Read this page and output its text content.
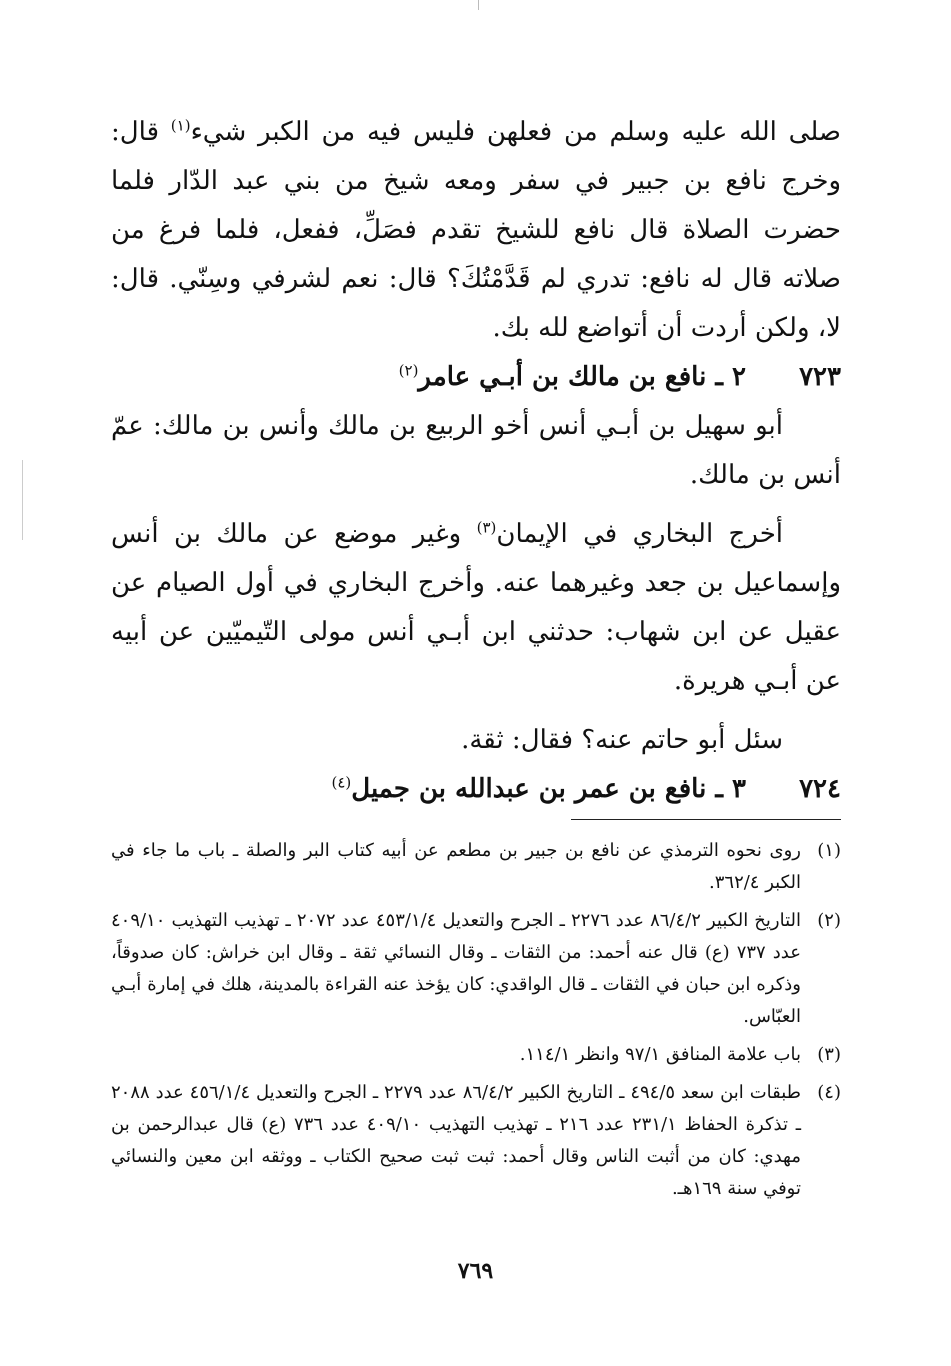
صلى الله عليه وسلم من فعلهن فليس فيه من الكبر شيء$^{(١)}$ قال: وخرج نافع بن جبير في سفر ومعه شيخ من بني عبد الدّار فلما حضرت الصلاة قال نافع للشيخ تقدم فصَلِّ، ففعل، فلما فرغ من صلاته قال له نافع: تدري لم قَدَّمْتُكَ؟ قال: نعم لشرفي وسِنّي. قال: لا، ولكن أردت أن أتواضع لله بك.

٧٢٣٢ ـ نافع بن مالك بن أبـي عامر$^{(٢)}$

أبو سهيل بن أبـي أنس أخو الربيع بن مالك وأنس بن مالك: عمّ أنس بن مالك.

أخرج البخاري في الإيمان$^{(٣)}$ وغير موضع عن مالك بن أنس وإسماعيل بن جعد وغيرهما عنه. وأخرج البخاري في أول الصيام عن عقيل عن ابن شهاب: حدثني ابن أبـي أنس مولى التّيميّين عن أبيه عن أبـي هريرة.

سئل أبو حاتم عنه؟ فقال: ثقة.

٧٢٤٣ ـ نافع بن عمر بن عبدالله بن جميل$^{(٤)}$

(١)
روى نحوه الترمذي عن نافع بن جبير بن مطعم عن أبيه كتاب البر والصلة ـ باب ما جاء في الكبر ٣٦٢/٤.
(٢)
التاريخ الكبير ٨٦/٤/٢ عدد ٢٢٧٦ ـ الجرح والتعديل ٤٥٣/١/٤ عدد ٢٠٧٢ ـ تهذيب التهذيب ٤٠٩/١٠ عدد ٧٣٧ (ع) قال عنه أحمد: من الثقات ـ وقال النسائي ثقة ـ وقال ابن خراش: كان صدوقاً، وذكره ابن حبان في الثقات ـ قال الواقدي: كان يؤخذ عنه القراءة بالمدينة، هلك في إمارة أبـي العبّاس.
(٣)
باب علامة المنافق ٩٧/١ وانظر ١١٤/١.
(٤)
طبقات ابن سعد ٤٩٤/٥ ـ التاريخ الكبير ٨٦/٤/٢ عدد ٢٢٧٩ ـ الجرح والتعديل ٤٥٦/١/٤ عدد ٢٠٨٨ ـ تذكرة الحفاظ ٢٣١/١ عدد ٢١٦ ـ تهذيب التهذيب ٤٠٩/١٠ عدد ٧٣٦ (ع) قال عبدالرحمن بن مهدي: كان من أثبت الناس وقال أحمد: ثبت ثبت صحيح الكتاب ـ ووثقه ابن معين والنسائي توفي سنة ١٦٩هـ.
٧٦٩
